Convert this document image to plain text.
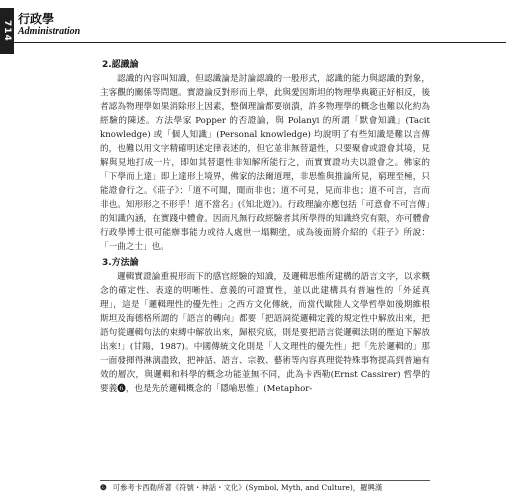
714
行政學
Administration
2.認識論

認識的內容叫知識，但認識論是討論認識的一般形式，認識的能力與認識的對象，主客觀的關係等問題。實證論反對形而上學，此與愛因斯坦的物理學典範正好相反，後者認為物理學如果消除形上因素，整個理論都要崩潰，許多物理學的概念也難以化約為經驗的陳述。方法學家 Popper 的否證論，與 Polanyi 的所謂「默會知識」(Tacit knowledge) 或「個人知識」(Personal knowledge) 均說明了有些知識是難以言傳的，也難以用文字精確明述定律表述的，但它並非無替還性，只要聚會或證會其境，見解與見地打成一片，即如其替還性非知解所能行之，而實實證功夫以證會之。佛家的「下學而上達」即上達形上境界，佛家的法爾道理，非思惟與推論所見，窮理至極，只能證會行之。《莊子》：「道不可聞，聞而非也；道不可見，見而非也；道不可言，言而非也。知形形之不形乎！道不當名」(《知北遊》)。行政理論亦應包括「可意會不可言傳」的知識內涵，在實踐中體會。因而凡無行政經驗者其所學得的知識終究有限，亦可體會行政學博士很可能辦事能力或待人處世一塌糊塗，成為後面將介紹的《莊子》所說：「一曲之士」也。

3.方法論

邏輯實證論重視形而下的感官經驗的知識，及邏輯思惟所建構的語言文字，以求概念的確定性、表達的明晰性、意義的可證實性，並以此建構具有普遍性的「外延真理」，這是「邏輯理性的優先性」之西方文化傳統，而當代歐陸人文學哲學如後期維根斯坦及海德格所謂的「語言的轉向」都要「把語詞從邏輯定義的規定性中解放出來，把語句從邏輯句法的束縛中解放出來，歸根究底，則是要把語言從邏輯法則的壓迫下解放出來!」(甘陽，1987)。中國傳統文化則是「人文理性的優先性」把「先於邏輯的」那一面發揮得淋漓盡致，把神話、語言、宗教、藝術等內容真理從特殊事物提高到普遍有效的層次，與邏輯和科學的概念功能並無不同，此為卡西勒(Ernst Cassirer) 哲學的要義❻，也是先於邏輯概念的「隱喻思惟」(Metaphor-

❻ 可參考卡西勒所著《符號・神話・文化》(Symbol, Myth, and Culture)，羅興漢
